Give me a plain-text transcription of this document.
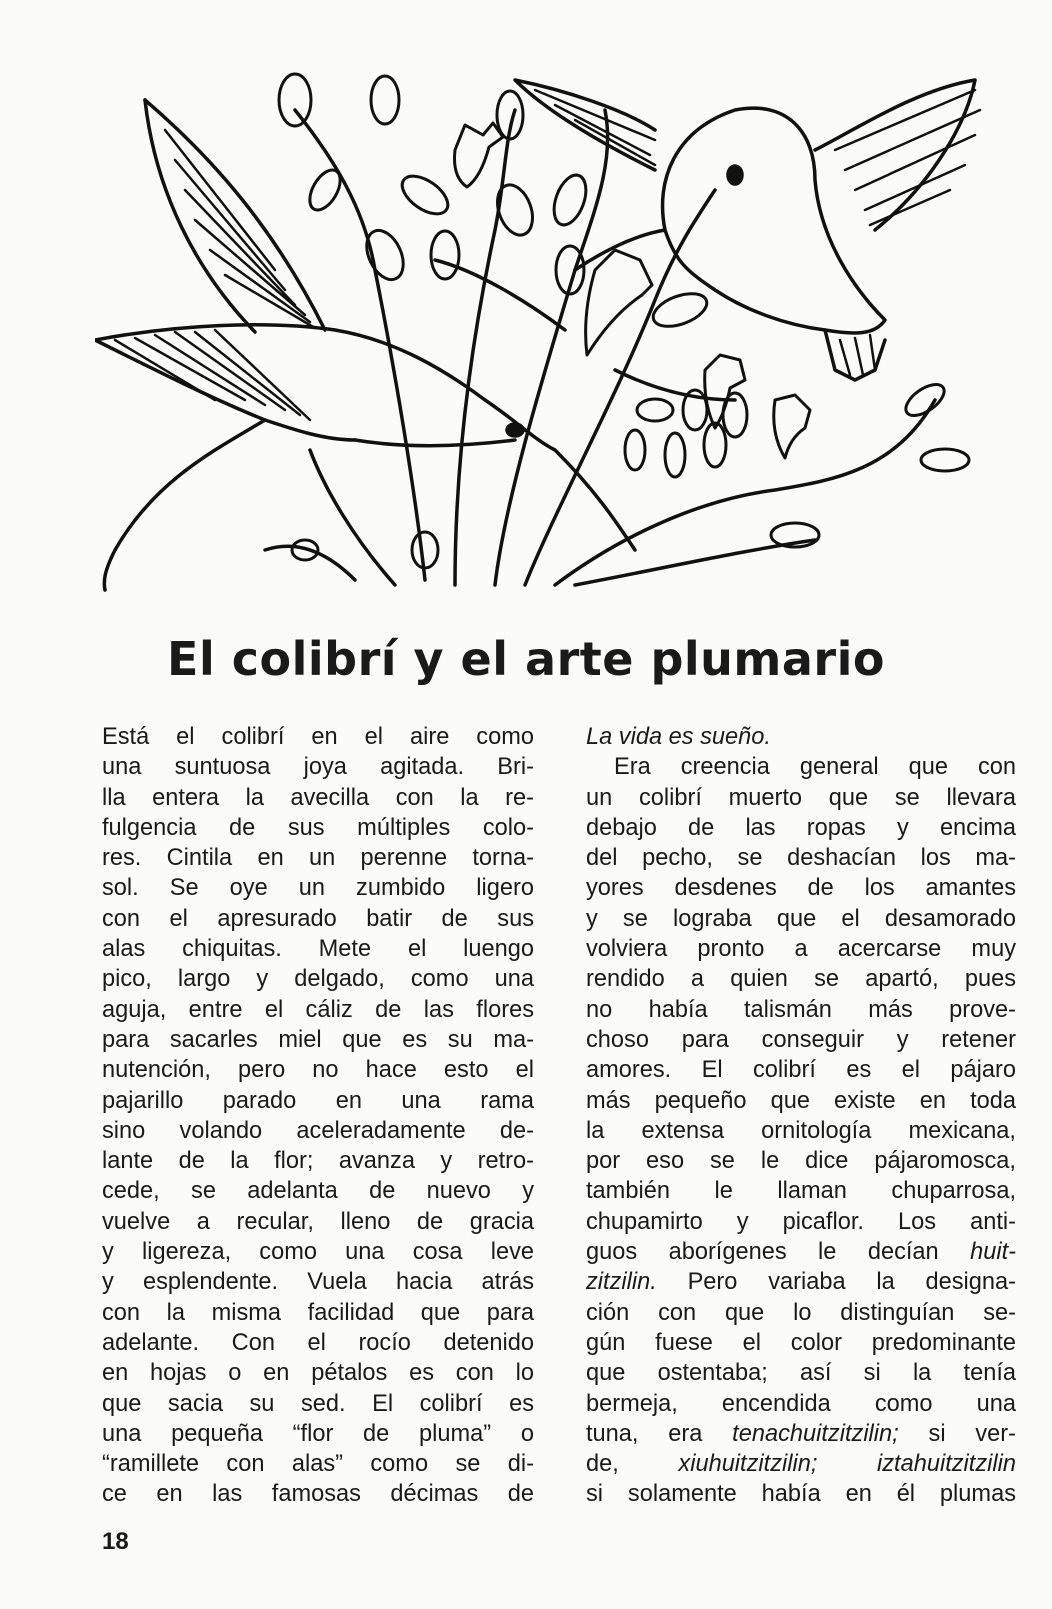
El colibrí y el arte plumario
Está el colibrí en el aire como
una suntuosa joya agitada. Bri-
lla entera la avecilla con la re-
fulgencia de sus múltiples colo-
res. Cintila en un perenne torna-
sol. Se oye un zumbido ligero
con el apresurado batir de sus
alas chiquitas. Mete el luengo
pico, largo y delgado, como una
aguja, entre el cáliz de las flores
para sacarles miel que es su ma-
nutención, pero no hace esto el
pajarillo parado en una rama
sino volando aceleradamente de-
lante de la flor; avanza y retro-
cede, se adelanta de nuevo y
vuelve a recular, lleno de gracia
y ligereza, como una cosa leve
y esplendente. Vuela hacia atrás
con la misma facilidad que para
adelante. Con el rocío detenido
en hojas o en pétalos es con lo
que sacia su sed. El colibrí es
una pequeña “flor de pluma” o
“ramillete con alas” como se di-
ce en las famosas décimas de
La vida es sueño.
Era creencia general que con
un colibrí muerto que se llevara
debajo de las ropas y encima
del pecho, se deshacían los ma-
yores desdenes de los amantes
y se lograba que el desamorado
volviera pronto a acercarse muy
rendido a quien se apartó, pues
no había talismán más prove-
choso para conseguir y retener
amores. El colibrí es el pájaro
más pequeño que existe en toda
la extensa ornitología mexicana,
por eso se le dice pájaromosca,
también le llaman chuparrosa,
chupamirto y picaflor. Los anti-
guos aborígenes le decían huit-
zitzilin. Pero variaba la designa-
ción con que lo distinguían se-
gún fuese el color predominante
que ostentaba; así si la tenía
bermeja, encendida como una
tuna, era tenachuitzitzilin; si ver-
de, xiuhuitzitzilin; iztahuitzitzilin
si solamente había en él plumas
18
